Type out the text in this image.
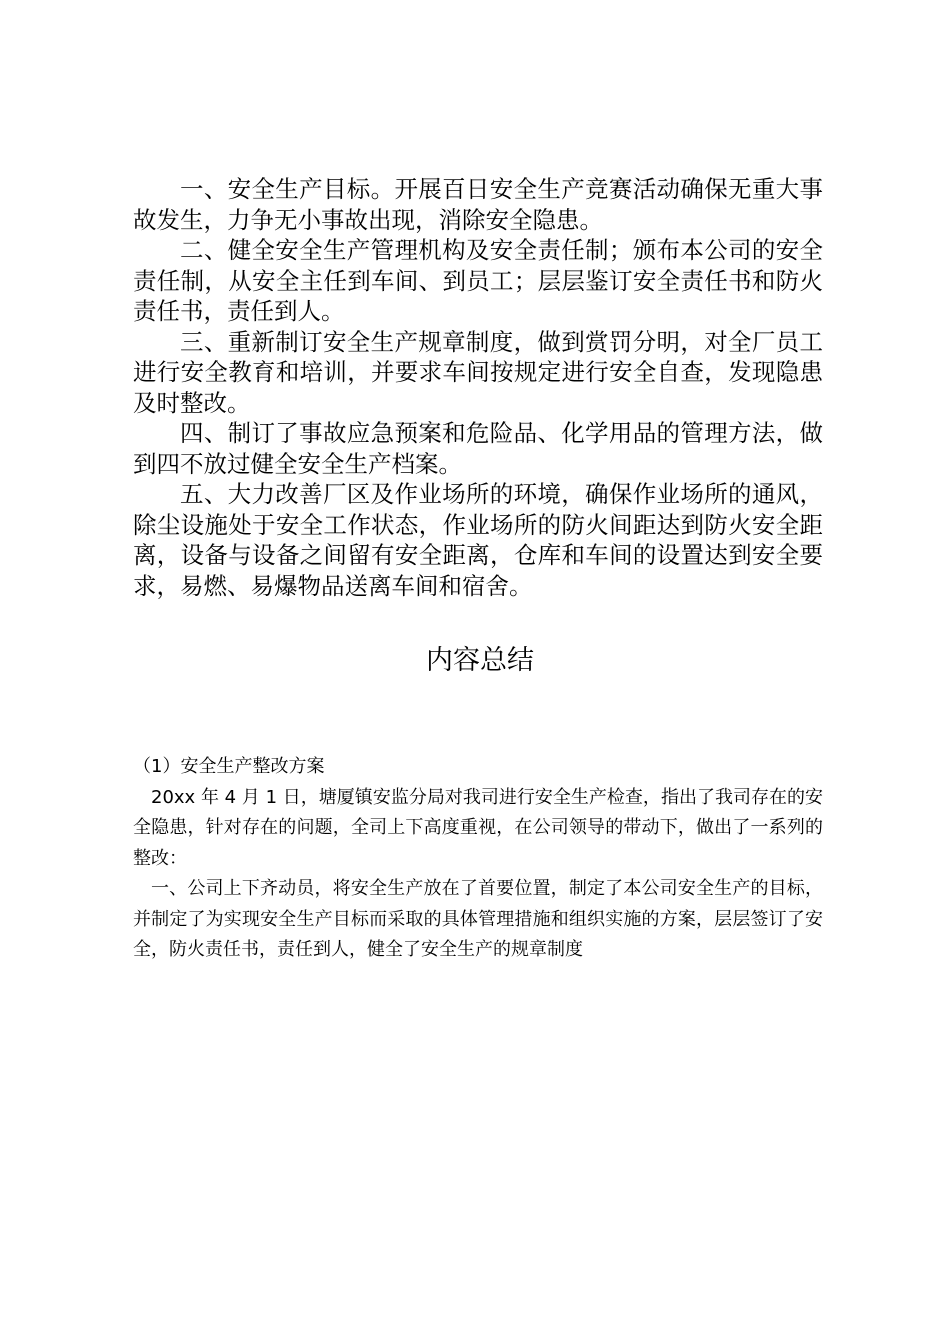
一、安全生产目标。开展百日安全生产竞赛活动确保无重大事故发生，力争无小事故出现，消除安全隐患。

二、健全安全生产管理机构及安全责任制；颁布本公司的安全责任制，从安全主任到车间、到员工；层层鉴订安全责任书和防火责任书，责任到人。

三、重新制订安全生产规章制度，做到赏罚分明，对全厂员工进行安全教育和培训，并要求车间按规定进行安全自查，发现隐患及时整改。

四、制订了事故应急预案和危险品、化学用品的管理方法，做到四不放过健全安全生产档案。

五、大力改善厂区及作业场所的环境，确保作业场所的通风，除尘设施处于安全工作状态，作业场所的防火间距达到防火安全距离，设备与设备之间留有安全距离，仓库和车间的设置达到安全要求，易燃、易爆物品送离车间和宿舍。

内容总结

（1）安全生产整改方案

20xx 年 4 月 1 日，塘厦镇安监分局对我司进行安全生产检查，指出了我司存在的安全隐患，针对存在的问题，全司上下高度重视，在公司领导的带动下，做出了一系列的整改：

一、公司上下齐动员，将安全生产放在了首要位置，制定了本公司安全生产的目标，并制定了为实现安全生产目标而采取的具体管理措施和组织实施的方案，层层签订了安全，防火责任书，责任到人，健全了安全生产的规章制度
